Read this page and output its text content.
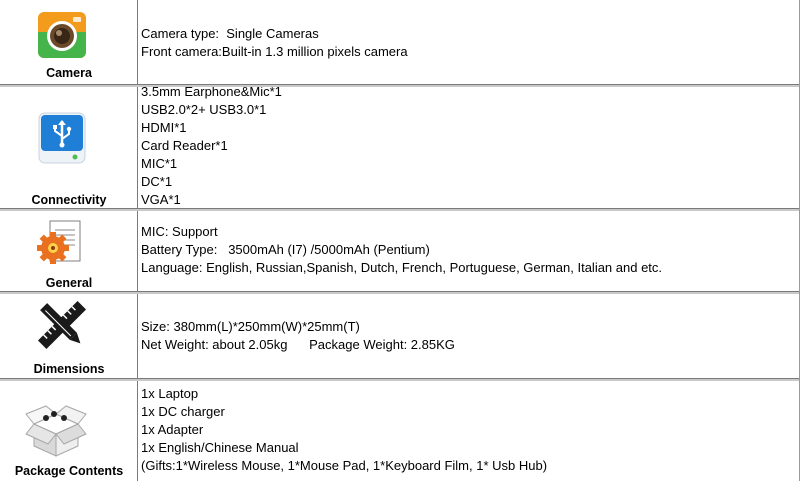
Camera
Camera type:  Single Cameras
Front camera:Built-in 1.3 million pixels camera
Connectivity
3.5mm Earphone&Mic*1
USB2.0*2+ USB3.0*1
HDMI*1
Card Reader*1
MIC*1
DC*1
VGA*1
General
MIC: Support
Battery Type:   3500mAh (I7) /5000mAh (Pentium)
Language: English, Russian,Spanish, Dutch, French, Portuguese, German, Italian and etc.
Dimensions
Size: 380mm(L)*250mm(W)*25mm(T)
Net Weight: about 2.05kg      Package Weight: 2.85KG
Package Contents
1x Laptop
1x DC charger
1x Adapter
1x English/Chinese Manual
(Gifts:1*Wireless Mouse, 1*Mouse Pad, 1*Keyboard Film, 1* Usb Hub)
